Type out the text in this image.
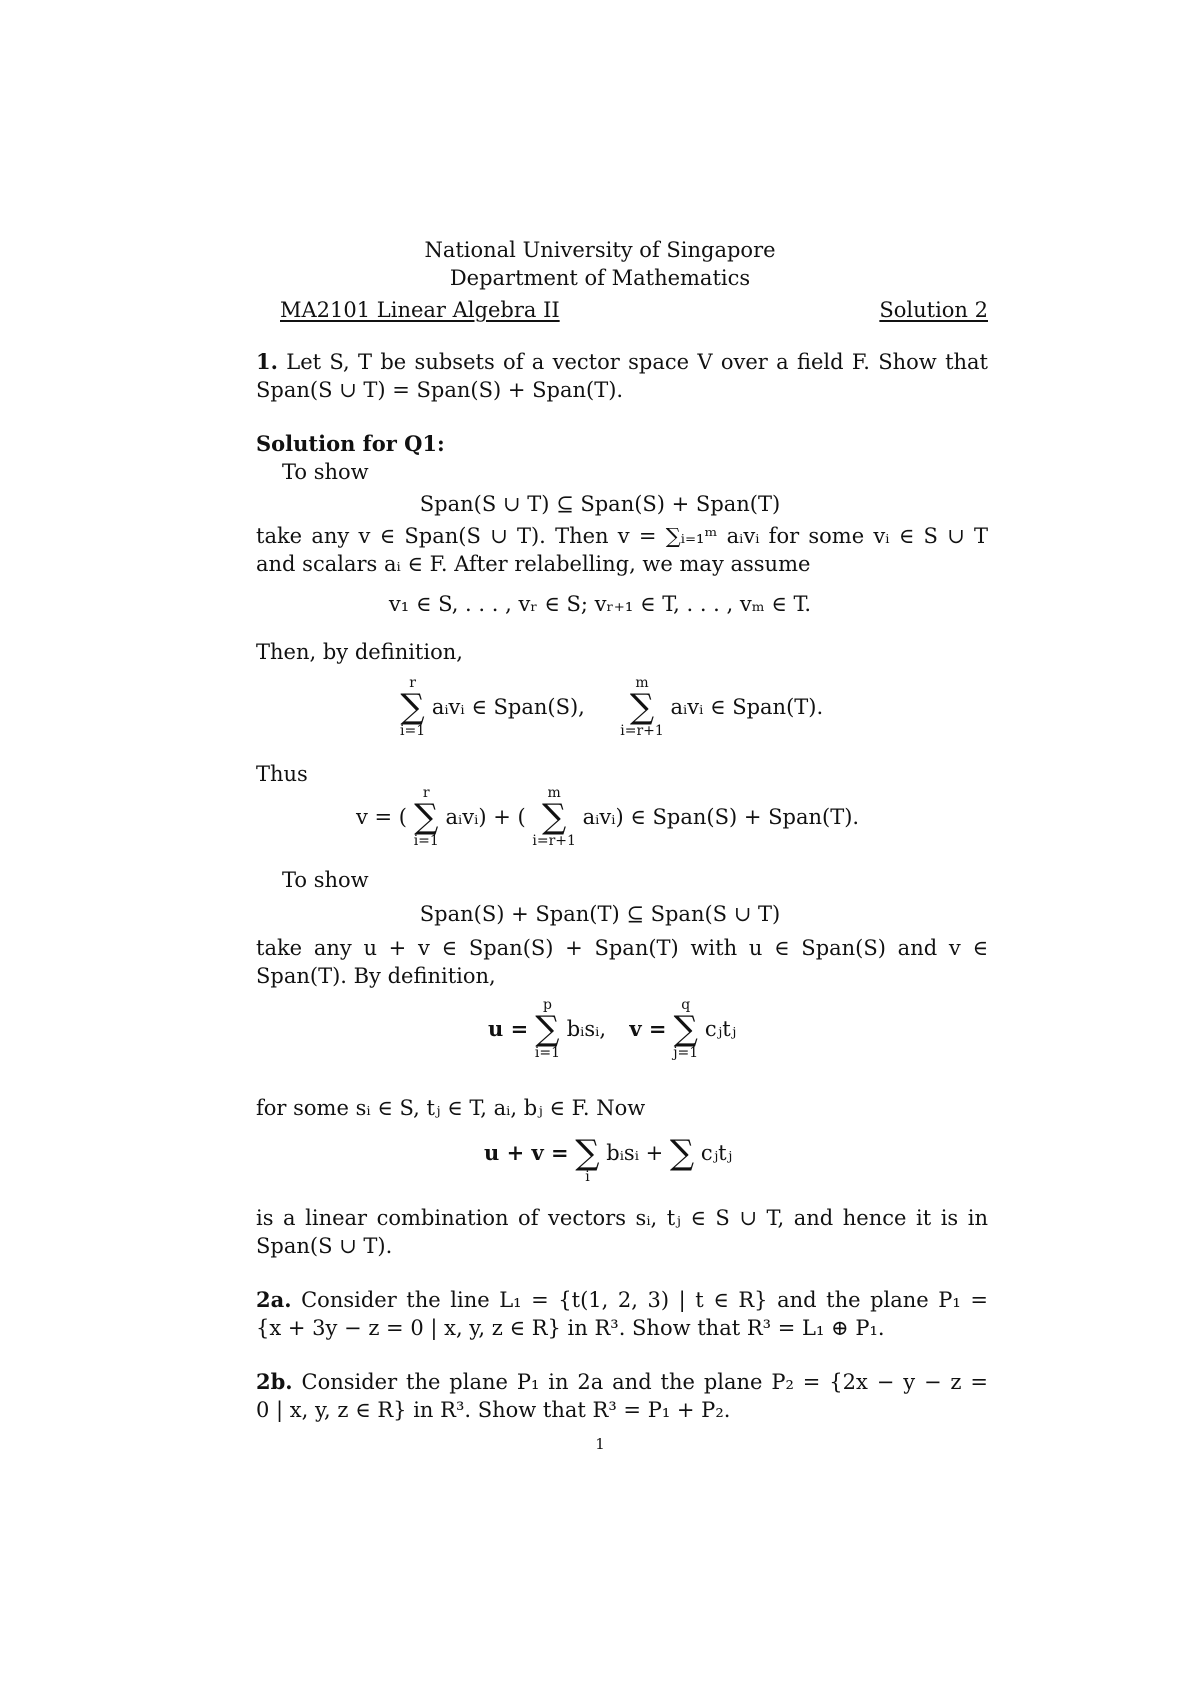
National University of Singapore
Department of Mathematics
MA2101 Linear Algebra II	Solution 2
1. Let S, T be subsets of a vector space V over a field F. Show that
Span(S ∪ T) = Span(S) + Span(T).
Solution for Q1:
To show
Span(S ∪ T) ⊆ Span(S) + Span(T)
take any v ∈ Span(S ∪ T). Then v = ∑ᵢ₌₁ᵐ aᵢvᵢ for some vᵢ ∈ S ∪ T
and scalars aᵢ ∈ F. After relabelling, we may assume
v₁ ∈ S, . . . , vᵣ ∈ S; vᵣ₊₁ ∈ T, . . . , vₘ ∈ T.
Then, by definition,
r
∑
i=1
aᵢvᵢ ∈ Span(S),
m
∑
i=r+1
aᵢvᵢ ∈ Span(T).
Thus
v = (
r
∑
i=1
aᵢvᵢ) + (
m
∑
i=r+1
aᵢvᵢ) ∈ Span(S) + Span(T).
To show
Span(S) + Span(T) ⊆ Span(S ∪ T)
take any u + v ∈ Span(S) + Span(T) with u ∈ Span(S) and v ∈
Span(T). By definition,
u =
p
∑
i=1
bᵢsᵢ, v =
q
∑
j=1
cⱼtⱼ
for some sᵢ ∈ S, tⱼ ∈ T, aᵢ, bⱼ ∈ F. Now
u + v = ∑
i
bᵢsᵢ + ∑ cⱼtⱼ
is a linear combination of vectors sᵢ, tⱼ ∈ S ∪ T, and hence it is in
Span(S ∪ T).
2a. Consider the line L₁ = {t(1, 2, 3) | t ∈ R} and the plane P₁ =
{x + 3y − z = 0 | x, y, z ∈ R} in R³. Show that R³ = L₁ ⊕ P₁.
2b. Consider the plane P₁ in 2a and the plane P₂ = {2x − y − z =
0 | x, y, z ∈ R} in R³. Show that R³ = P₁ + P₂.
1
